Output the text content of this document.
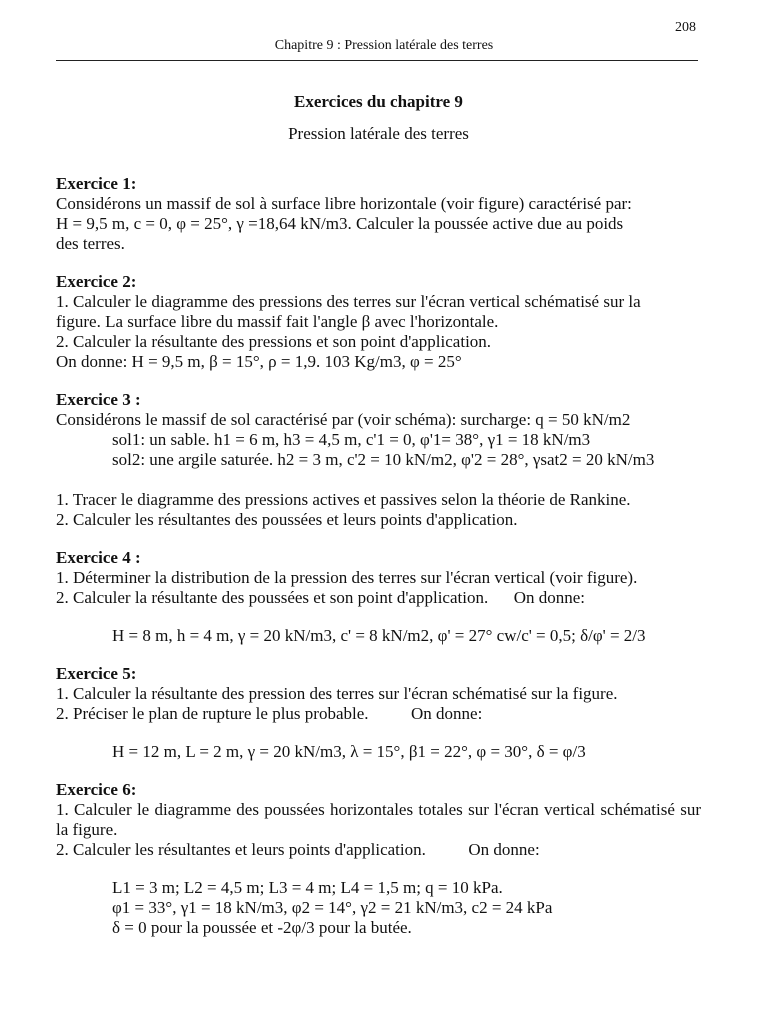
208
Chapitre 9 : Pression latérale des terres

Exercices du chapitre 9

Pression latérale des terres

Exercice 1:
Considérons un massif de sol à surface libre horizontale (voir figure) caractérisé par:
H = 9,5 m, c = 0, φ = 25°, γ =18,64 kN/m3. Calculer la poussée active due au poids
des terres.
Exercice 2:
1. Calculer le diagramme des pressions des terres sur l'écran vertical schématisé sur la
figure. La surface libre du massif fait l'angle β avec l'horizontale.
2. Calculer la résultante des pressions et son point d'application.
On donne: H = 9,5 m, β = 15°, ρ = 1,9. 103 Kg/m3, φ = 25°
Exercice 3 :
Considérons le massif de sol caractérisé par (voir schéma): surcharge: q = 50 kN/m2
sol1: un sable. h1 = 6 m, h3 = 4,5 m, c'1 = 0, φ'1= 38°, γ1 = 18 kN/m3
sol2: une argile saturée. h2 = 3 m, c'2 = 10 kN/m2, φ'2 = 28°, γsat2 = 20 kN/m3

1. Tracer le diagramme des pressions actives et passives selon la théorie de Rankine.
2. Calculer les résultantes des poussées et leurs points d'application.
Exercice 4 :
1. Déterminer la distribution de la pression des terres sur l'écran vertical (voir figure).
2. Calculer la résultante des poussées et son point d'application.      On donne:
H = 8 m, h = 4 m, γ = 20 kN/m3, c' = 8 kN/m2, φ' = 27° cw/c' = 0,5; δ/φ' = 2/3
Exercice 5:
1. Calculer la résultante des pression des terres sur l'écran schématisé sur la figure.
2. Préciser le plan de rupture le plus probable.          On donne:
H = 12 m, L = 2 m, γ = 20 kN/m3, λ = 15°, β1 = 22°, φ = 30°, δ = φ/3
Exercice 6:
1. Calculer le diagramme des poussées horizontales totales sur l'écran vertical schématisé sur la figure.
2. Calculer les résultantes et leurs points d'application.          On donne:
L1 = 3 m; L2 = 4,5 m; L3 = 4 m; L4 = 1,5 m; q = 10 kPa.
φ1 = 33°, γ1 = 18 kN/m3, φ2 = 14°, γ2 = 21 kN/m3, c2 = 24 kPa
δ = 0 pour la poussée et -2φ/3 pour la butée.
